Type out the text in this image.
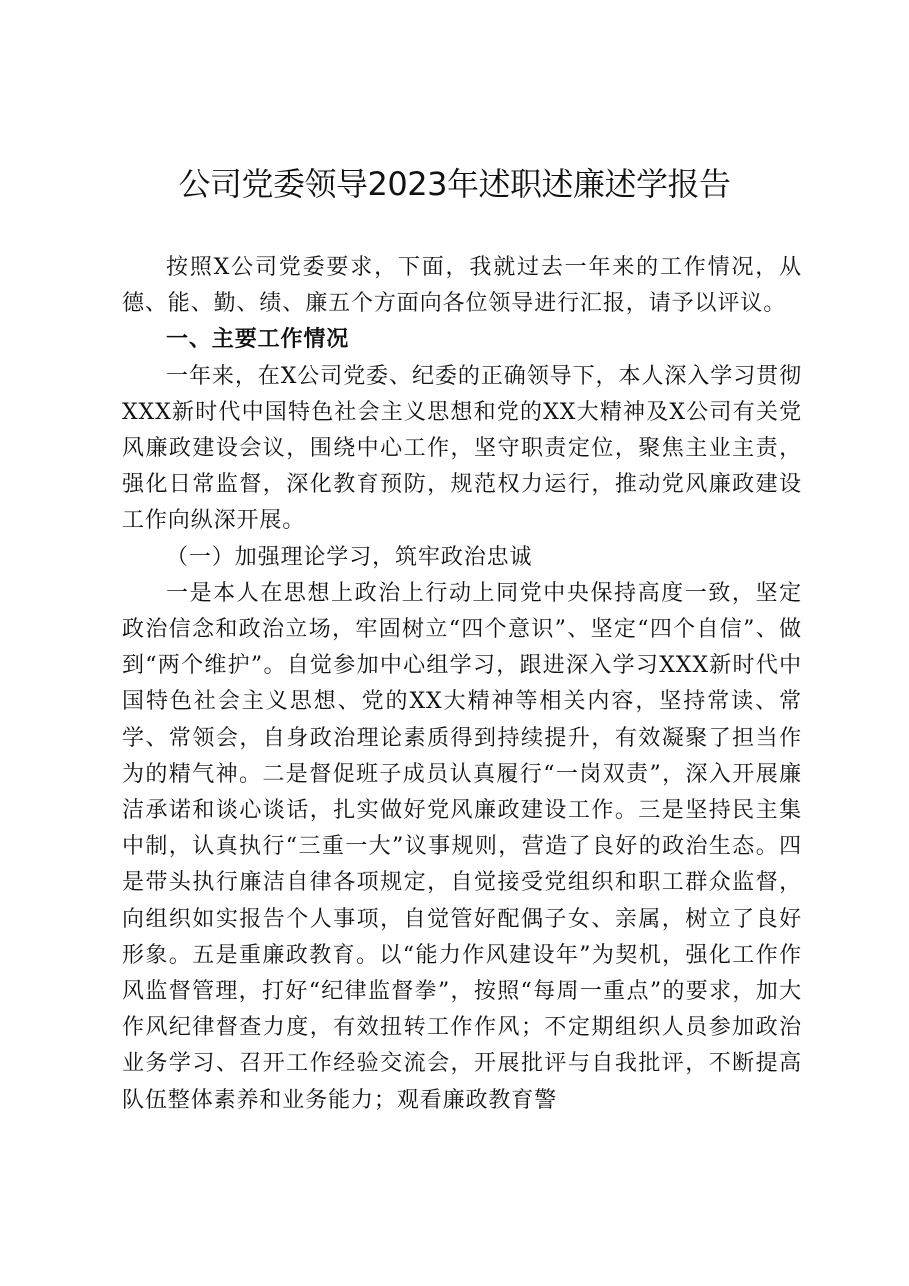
公司党委领导2023年述职述廉述学报告

按照X公司党委要求，下面，我就过去一年来的工作情况，从德、能、勤、绩、廉五个方面向各位领导进行汇报，请予以评议。

一、主要工作情况

一年来，在X公司党委、纪委的正确领导下，本人深入学习贯彻XXX新时代中国特色社会主义思想和党的XX大精神及X公司有关党风廉政建设会议，围绕中心工作，坚守职责定位，聚焦主业主责，强化日常监督，深化教育预防，规范权力运行，推动党风廉政建设工作向纵深开展。

（一）加强理论学习，筑牢政治忠诚

一是本人在思想上政治上行动上同党中央保持高度一致，坚定政治信念和政治立场，牢固树立“四个意识”、坚定“四个自信”、做到“两个维护”。自觉参加中心组学习，跟进深入学习XXX新时代中国特色社会主义思想、党的XX大精神等相关内容，坚持常读、常学、常领会，自身政治理论素质得到持续提升，有效凝聚了担当作为的精气神。二是督促班子成员认真履行“一岗双责”，深入开展廉洁承诺和谈心谈话，扎实做好党风廉政建设工作。三是坚持民主集中制，认真执行“三重一大”议事规则，营造了良好的政治生态。四是带头执行廉洁自律各项规定，自觉接受党组织和职工群众监督，向组织如实报告个人事项，自觉管好配偶子女、亲属，树立了良好形象。五是重廉政教育。以“能力作风建设年”为契机，强化工作作风监督管理，打好“纪律监督拳”，按照“每周一重点”的要求，加大作风纪律督查力度，有效扭转工作作风；不定期组织人员参加政治业务学习、召开工作经验交流会，开展批评与自我批评，不断提高队伍整体素养和业务能力；观看廉政教育警
